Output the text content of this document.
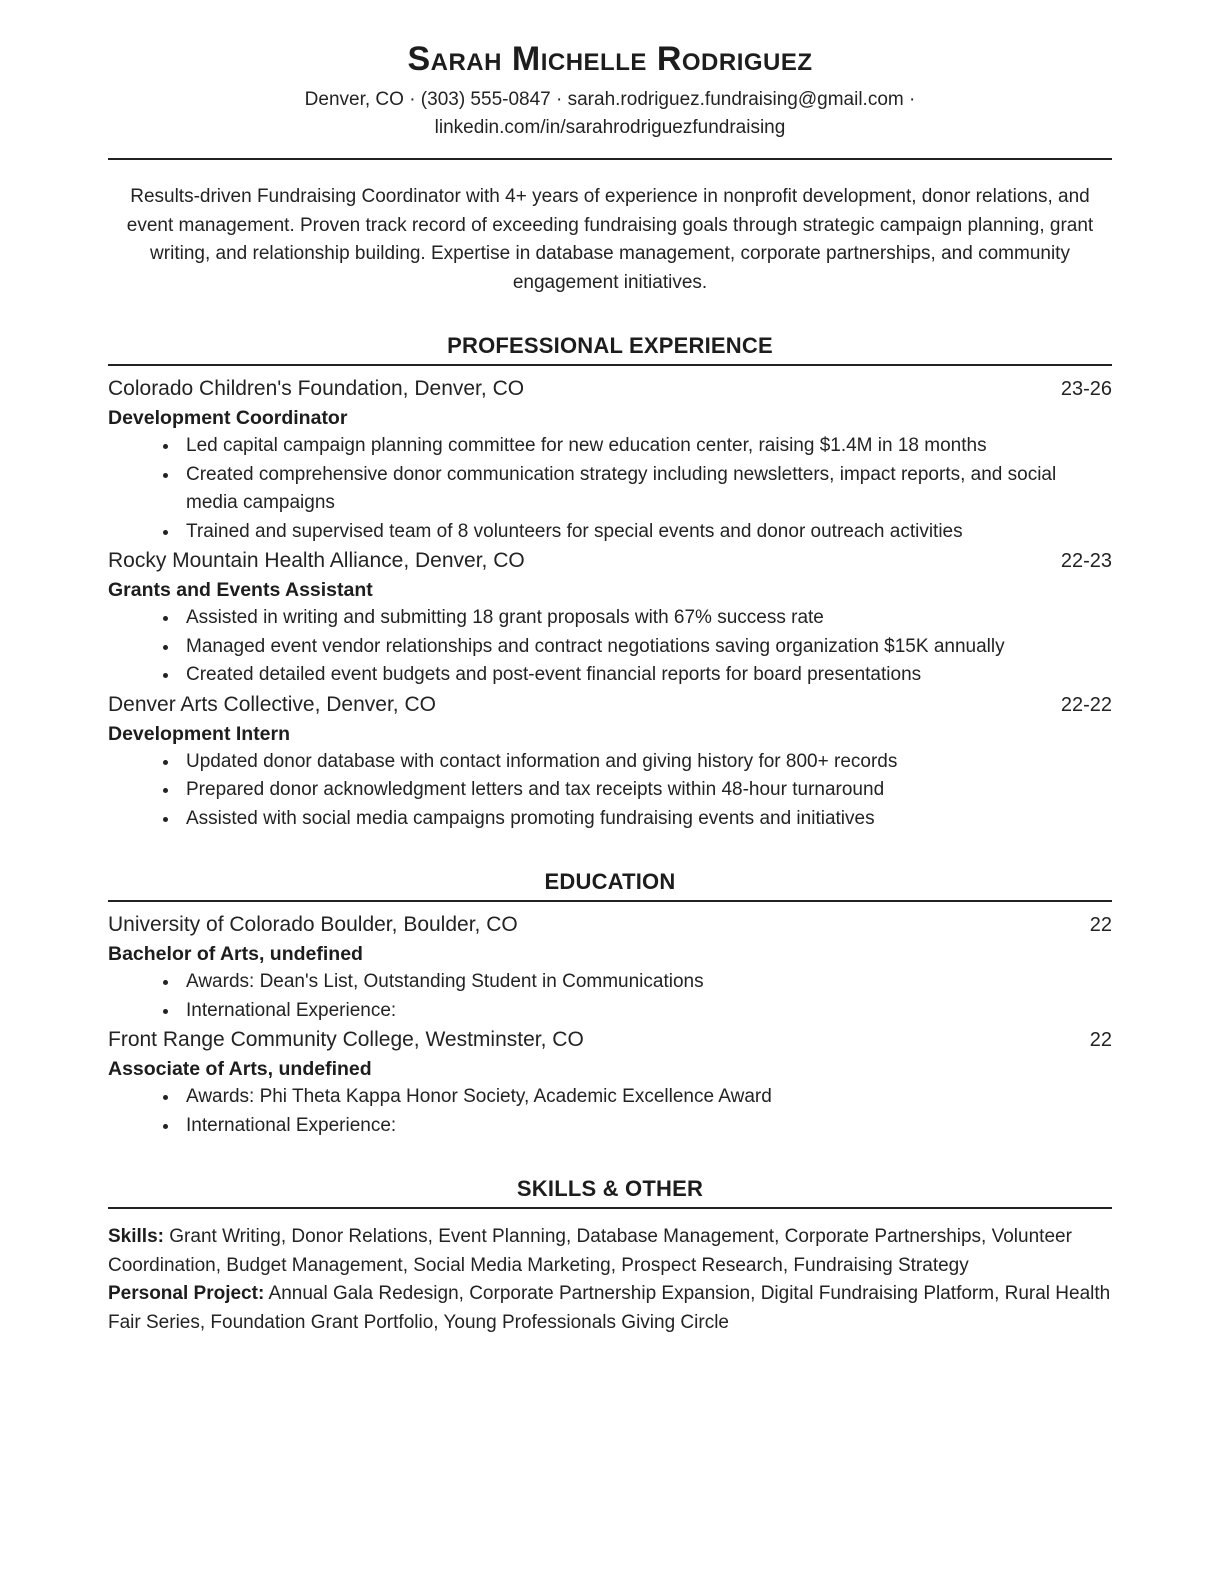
Sarah Michelle Rodriguez
Denver, CO · (303) 555-0847 · sarah.rodriguez.fundraising@gmail.com ·
linkedin.com/in/sarahrodriguezfundraising

Results-driven Fundraising Coordinator with 4+ years of experience in nonprofit development, donor relations, and event management. Proven track record of exceeding fundraising goals through strategic campaign planning, grant writing, and relationship building. Expertise in database management, corporate partnerships, and community engagement initiatives.

PROFESSIONAL EXPERIENCE
Colorado Children's Foundation, Denver, CO	23-26
Development Coordinator
• Led capital campaign planning committee for new education center, raising $1.4M in 18 months
• Created comprehensive donor communication strategy including newsletters, impact reports, and social media campaigns
• Trained and supervised team of 8 volunteers for special events and donor outreach activities
Rocky Mountain Health Alliance, Denver, CO	22-23
Grants and Events Assistant
• Assisted in writing and submitting 18 grant proposals with 67% success rate
• Managed event vendor relationships and contract negotiations saving organization $15K annually
• Created detailed event budgets and post-event financial reports for board presentations
Denver Arts Collective, Denver, CO	22-22
Development Intern
• Updated donor database with contact information and giving history for 800+ records
• Prepared donor acknowledgment letters and tax receipts within 48-hour turnaround
• Assisted with social media campaigns promoting fundraising events and initiatives
EDUCATION
University of Colorado Boulder, Boulder, CO	22
Bachelor of Arts, undefined
• Awards: Dean's List, Outstanding Student in Communications
• International Experience:
Front Range Community College, Westminster, CO	22
Associate of Arts, undefined
• Awards: Phi Theta Kappa Honor Society, Academic Excellence Award
• International Experience:
SKILLS & OTHER

Skills: Grant Writing, Donor Relations, Event Planning, Database Management, Corporate Partnerships, Volunteer Coordination, Budget Management, Social Media Marketing, Prospect Research, Fundraising Strategy

Personal Project: Annual Gala Redesign, Corporate Partnership Expansion, Digital Fundraising Platform, Rural Health Fair Series, Foundation Grant Portfolio, Young Professionals Giving Circle
